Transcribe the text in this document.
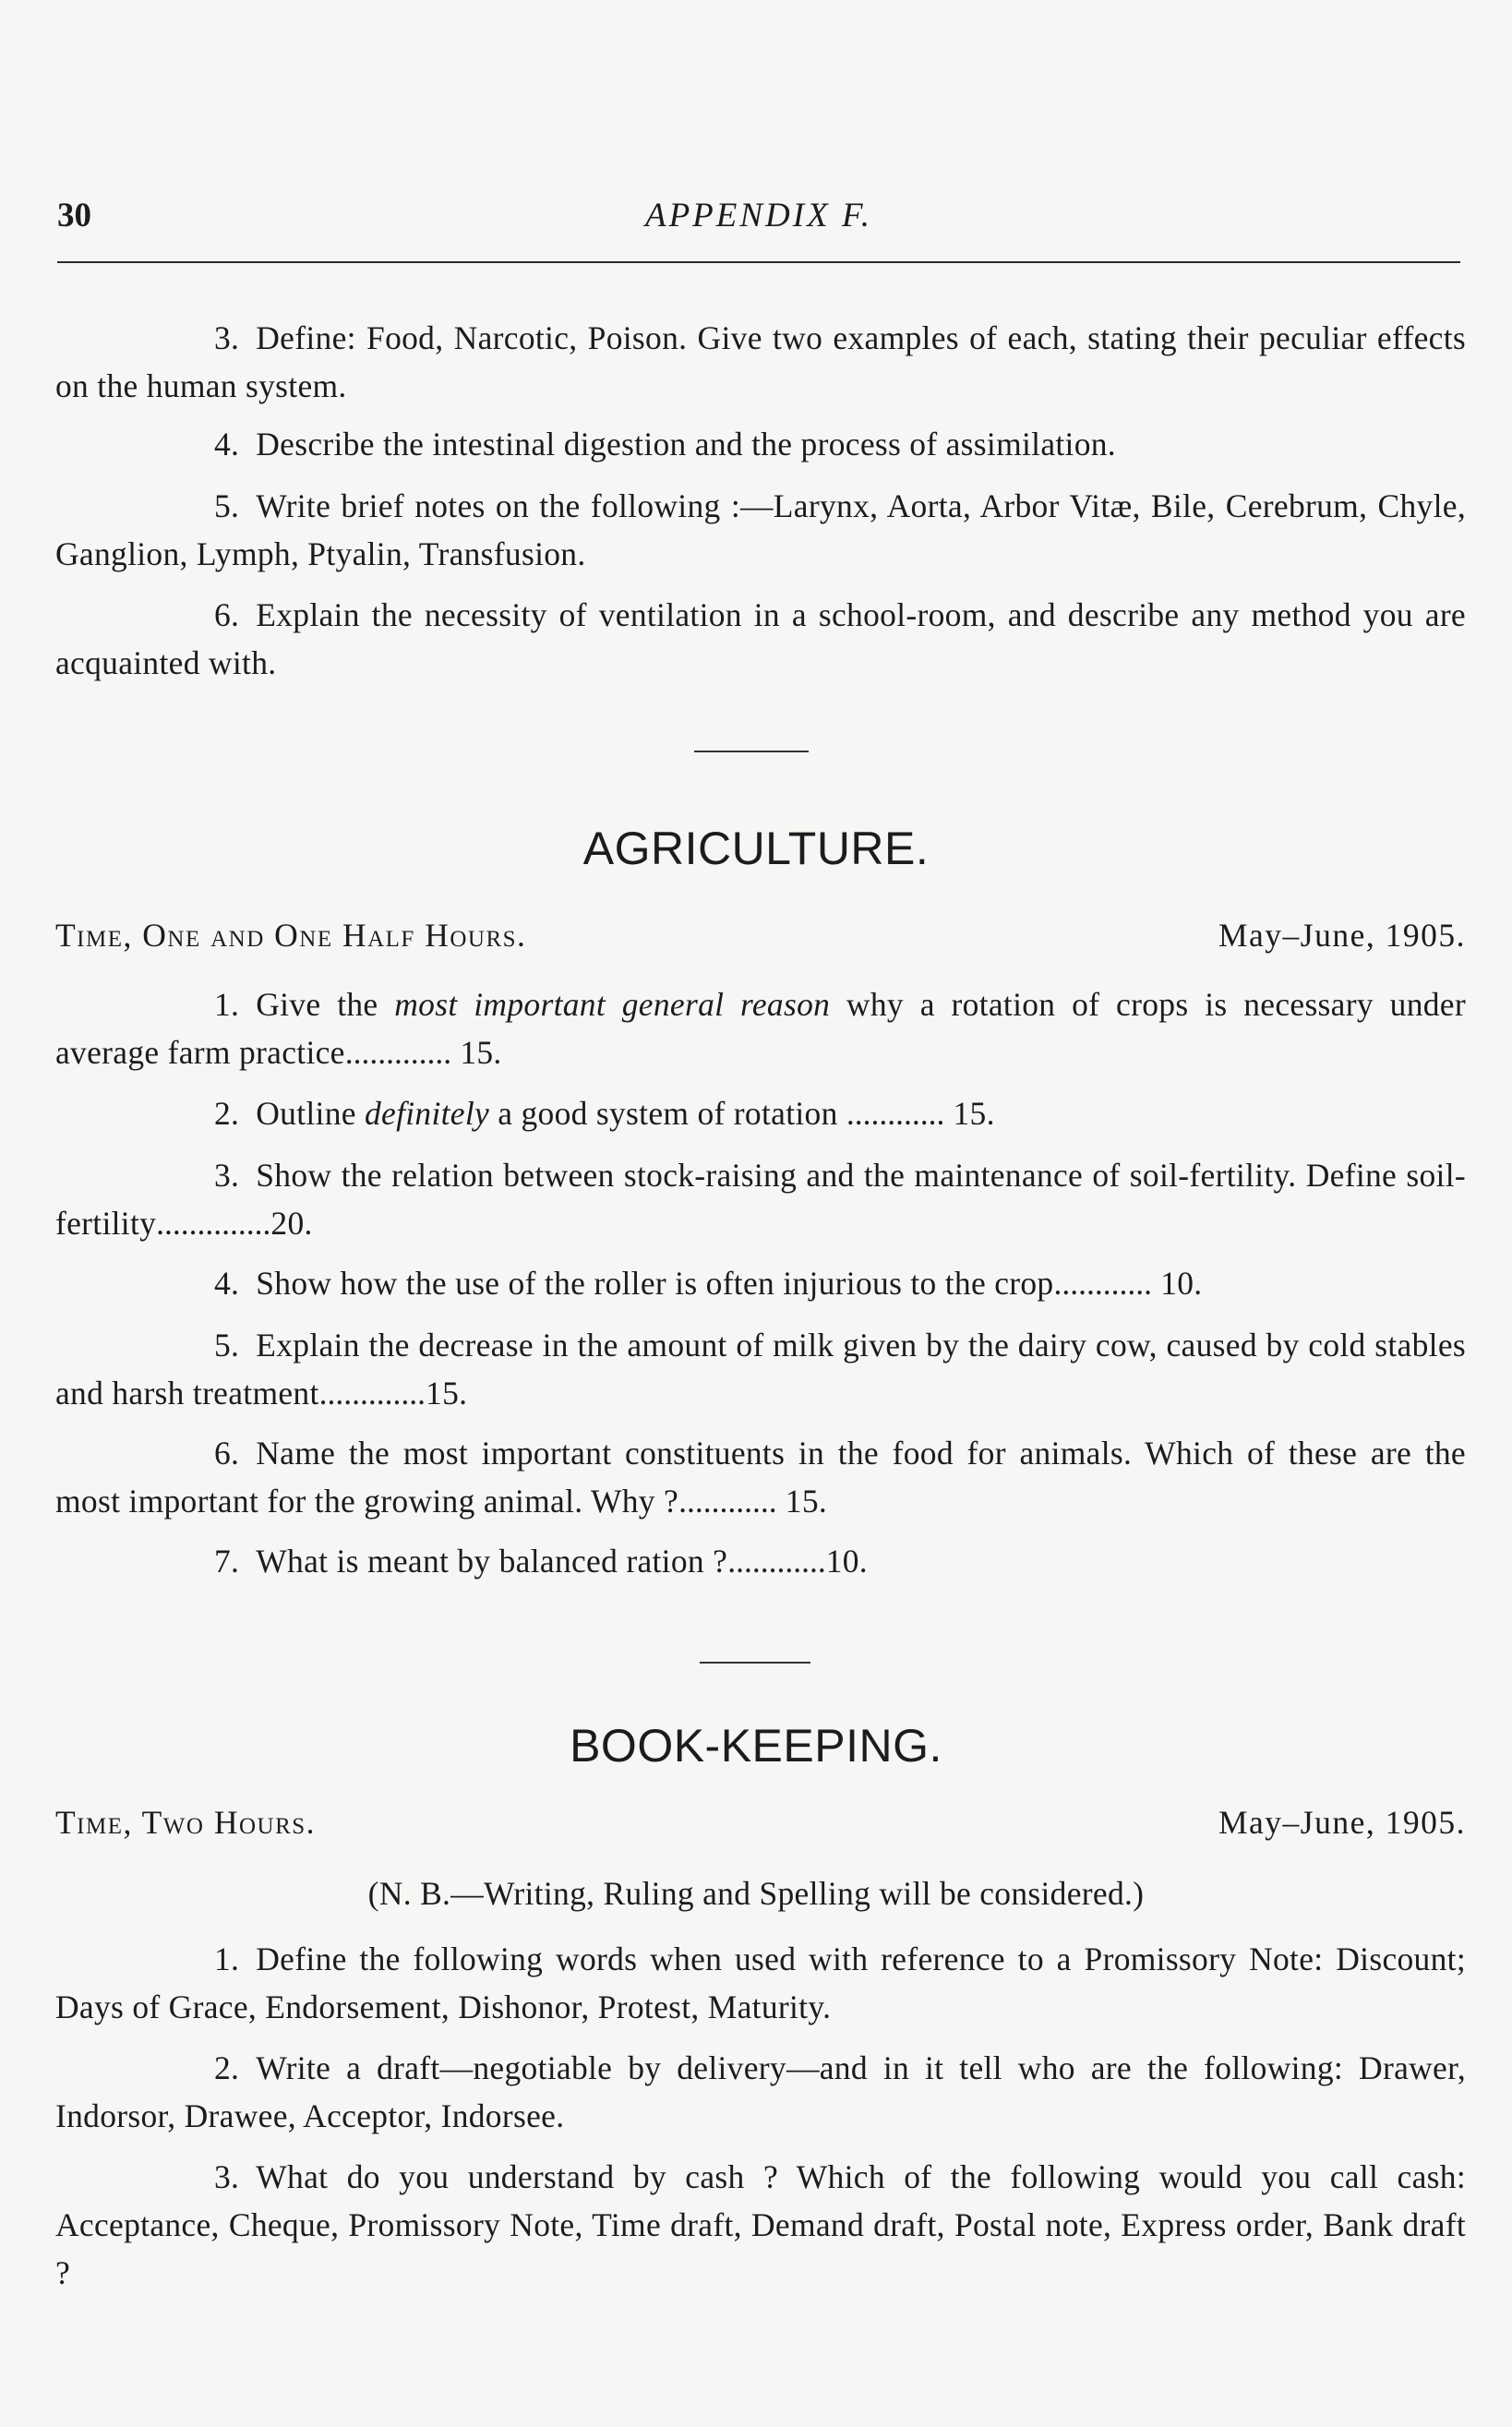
30	APPENDIX F.

3. Define: Food, Narcotic, Poison. Give two examples of each, stating their peculiar effects on the human system.

4. Describe the intestinal digestion and the process of assimilation.

5. Write brief notes on the following :—Larynx, Aorta, Arbor Vitæ, Bile, Cerebrum, Chyle, Ganglion, Lymph, Ptyalin, Transfusion.

6. Explain the necessity of ventilation in a school-room, and describe any method you are acquainted with.

AGRICULTURE.
Time, One and One Half Hours.	May–June, 1905.

1. Give the most important general reason why a rotation of crops is necessary under average farm practice............. 15.

2. Outline definitely a good system of rotation ............ 15.

3. Show the relation between stock-raising and the maintenance of soil-fertility. Define soil-fertility..............20.

4. Show how the use of the roller is often injurious to the crop............ 10.

5. Explain the decrease in the amount of milk given by the dairy cow, caused by cold stables and harsh treatment.............15.

6. Name the most important constituents in the food for animals. Which of these are the most important for the growing animal. Why ?............ 15.

7. What is meant by balanced ration ?............10.

BOOK-KEEPING.
Time, Two Hours.	May–June, 1905.
(N. B.—Writing, Ruling and Spelling will be considered.)

1. Define the following words when used with reference to a Promissory Note: Discount; Days of Grace, Endorsement, Dishonor, Protest, Maturity.

2. Write a draft—negotiable by delivery—and in it tell who are the following: Drawer, Indorsor, Drawee, Acceptor, Indorsee.

3. What do you understand by cash ? Which of the following would you call cash: Acceptance, Cheque, Promissory Note, Time draft, Demand draft, Postal note, Express order, Bank draft ?
